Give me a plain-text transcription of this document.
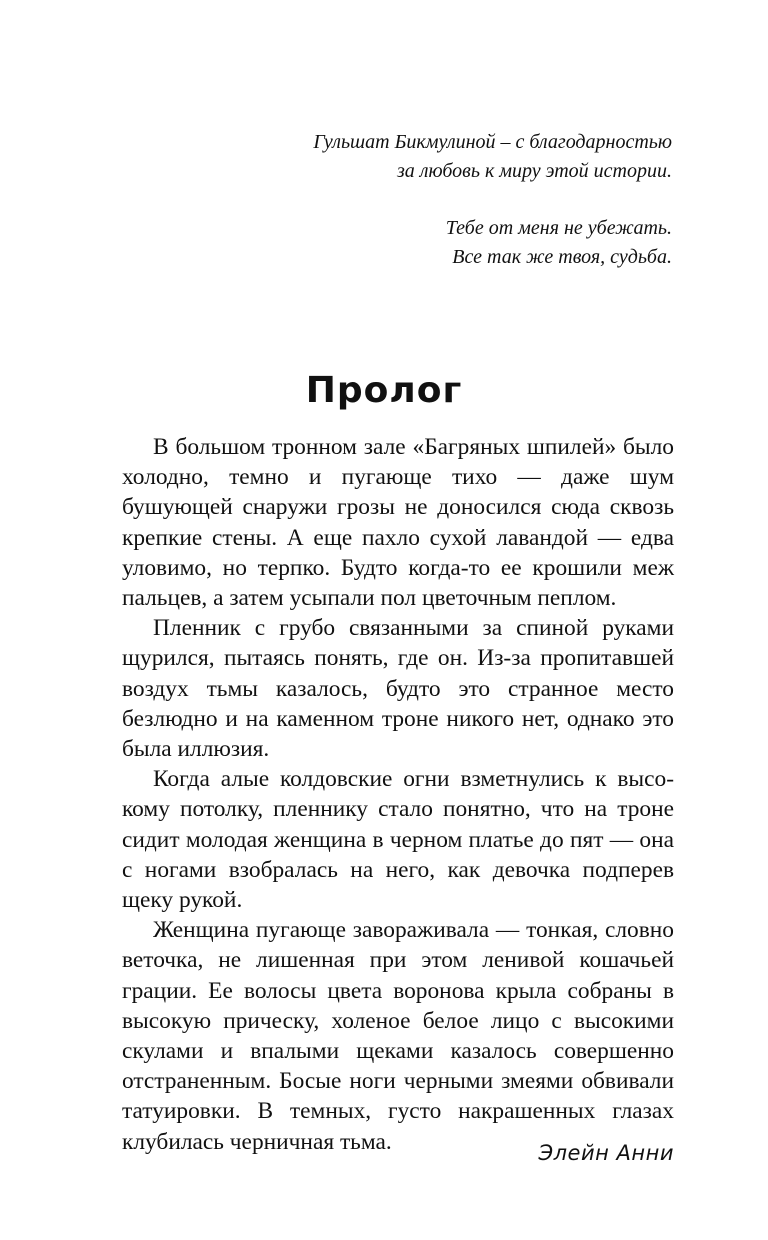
Гульшат Бикмулиной – с благодарностью

за любовь к миру этой истории.

Тебе от меня не убежать.

Все так же твоя, судьба.

Пролог

В большом тронном зале «Багряных шпилей» было холодно, темно и пугающе тихо — даже шум бушующей снаружи грозы не доносился сюда сквозь крепкие стены. А еще пахло сухой лавандой — едва уловимо, но терпко. Будто когда-то ее крошили меж пальцев, а затем усыпали пол цветочным пеплом.

Пленник с грубо связанными за спиной руками щурился, пытаясь понять, где он. Из-за пропитавшей воздух тьмы казалось, будто это странное место безлюдно и на каменном троне никого нет, однако это была иллюзия.

Когда алые колдовские огни взметнулись к высокому потолку, пленнику стало понятно, что на троне сидит молодая женщина в черном платье до пят — она с ногами взобралась на него, как девочка подперев щеку рукой.

Женщина пугающе завораживала — тонкая, словно веточка, не лишенная при этом ленивой кошачьей грации. Ее волосы цвета воронова крыла собраны в высокую прическу, холеное белое лицо с высокими скулами и впалыми щеками казалось совершенно отстраненным. Босые ноги черными змеями обвивали татуировки. В темных, густо накрашенных глазах клубилась черничная тьма.	Элейн Анни
